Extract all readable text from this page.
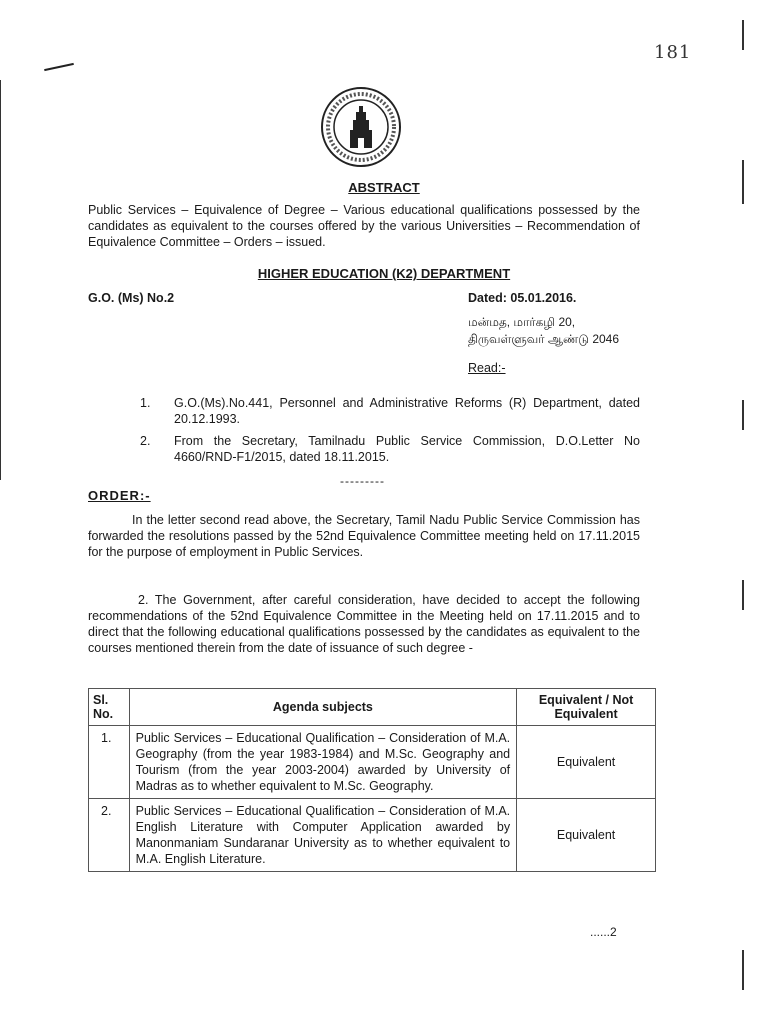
181
ABSTRACT
Public Services – Equivalence of Degree – Various educational qualifications possessed by the candidates as equivalent to the courses offered by the various Universities – Recommendation of Equivalence Committee – Orders – issued.
HIGHER EDUCATION (K2) DEPARTMENT
G.O. (Ms) No.2	Dated: 05.01.2016.
மன்மத, மார்கழி 20,
திருவள்ளுவர் ஆண்டு 2046
Read:-
1. G.O.(Ms).No.441, Personnel and Administrative Reforms (R) Department, dated 20.12.1993.
2. From the Secretary, Tamilnadu Public Service Commission, D.O.Letter No 4660/RND-F1/2015, dated 18.11.2015.
---------
ORDER:-
In the letter second read above, the Secretary, Tamil Nadu Public Service Commission has forwarded the resolutions passed by the 52nd Equivalence Committee meeting held on 17.11.2015 for the purpose of employment in Public Services.
2. The Government, after careful consideration, have decided to accept the following recommendations of the 52nd Equivalence Committee in the Meeting held on 17.11.2015 and to direct that the following educational qualifications possessed by the candidates as equivalent to the courses mentioned therein from the date of issuance of such degree -
Sl. No.	Agenda subjects	Equivalent / Not Equivalent
1.	Public Services – Educational Qualification – Consideration of M.A. Geography (from the year 1983-1984) and M.Sc. Geography and Tourism (from the year 2003-2004) awarded by University of Madras as to whether equivalent to M.Sc. Geography.	Equivalent
2.	Public Services – Educational Qualification – Consideration of M.A. English Literature with Computer Application awarded by Manonmaniam Sundaranar University as to whether equivalent to M.A. English Literature.	Equivalent
......2
